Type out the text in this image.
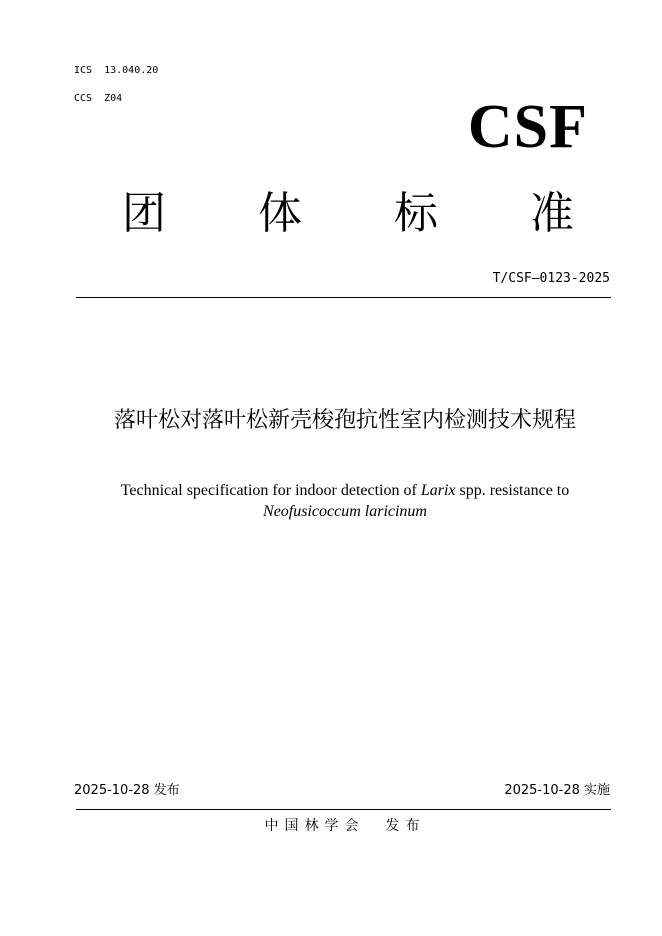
ICS  13.040.20
CCS  Z04	CSF
团 体 标 准
T/CSF—0123-2025
落叶松对落叶松新壳梭孢抗性室内检测技术规程
Technical specification for indoor detection of Larix spp. resistance to
Neofusicoccum laricinum
2025-10-28 发布	2025-10-28 实施
中国林学会  发布
